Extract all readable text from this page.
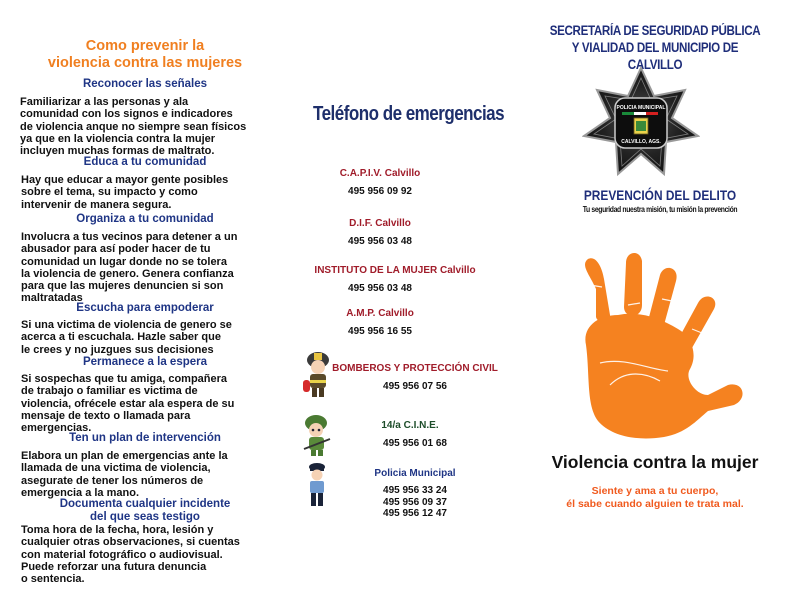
Como prevenir la
violencia contra las mujeres
Reconocer las señales
Familiarizar a las personas y ala
comunidad con los signos e indicadores
de violencia anque no siempre sean físicos
ya que en la violencia contra la mujer
incluyen muchas formas de maltrato.
Educa a tu comunidad
Hay que educar a mayor gente posibles
sobre el tema, su impacto y como
intervenir de manera segura.
Organiza a tu comunidad
Involucra a tus vecinos para detener a un
abusador para así poder hacer de tu
comunidad un lugar donde no se tolera
la violencia de genero. Genera confianza
para que las mujeres denuncien si son
maltratadas
Escucha para empoderar
Si una victima de violencia de genero se
acerca a ti escuchala. Hazle saber que
le crees y no juzgues sus decisiones
Permanece a la espera
Si sospechas que tu amiga, compañera
de trabajo o familiar es victima de
violencia, ofrécele estar ala espera de su
mensaje de texto o llamada para
emergencias.
Ten un plan de intervención
Elabora un plan de emergencias ante la
llamada de una victima de violencia,
asegurate de tener los números de
emergencia a la mano.
Documenta cualquier incidente
del que seas testigo
Toma hora de la fecha, hora, lesión y
cualquier otras observaciones, si cuentas
con material fotográfico o audiovisual.
Puede reforzar una futura denuncia
o sentencia.
Teléfono de emergencias
C.A.P.I.V. Calvillo
495 956 09 92
D.I.F. Calvillo
495 956 03 48
INSTITUTO DE LA MUJER Calvillo
495 956 03 48
A.M.P. Calvillo
495 956 16 55
BOMBEROS Y PROTECCIÓN CIVIL
495 956 07 56
14/a C.I.N.E.
495 956 01 68
Policia Municipal
495 956 33 24
495 956 09 37
495 956 12 47
SECRETARÍA DE SEGURIDAD PÚBLICA
Y VIALIDAD DEL MUNICIPIO DE CALVILLO
POLICIA MUNICIPAL
CALVILLO, AGS.
PREVENCIÓN DEL DELITO
Tu seguridad nuestra misión, tu misión la prevención
Violencia contra la mujer
Siente y ama a tu cuerpo,
él sabe cuando alguien te trata mal.
